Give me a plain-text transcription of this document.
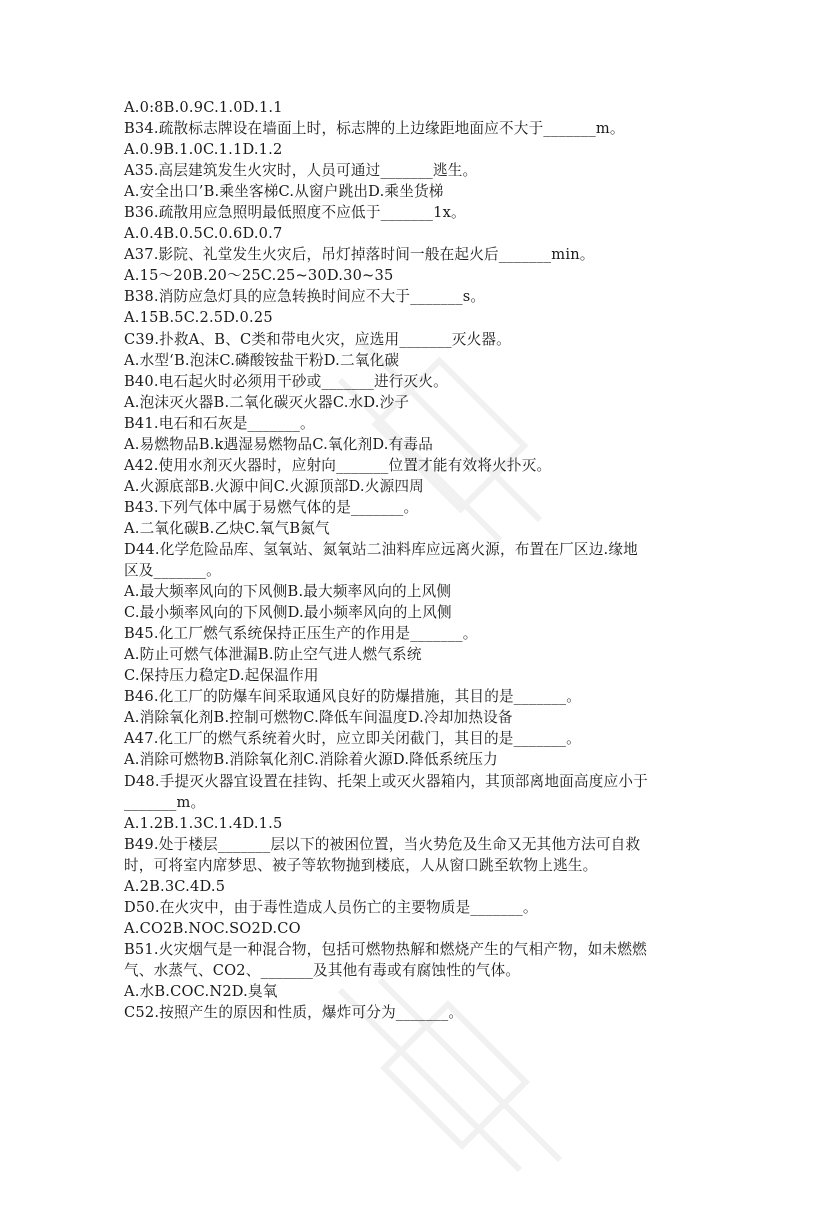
A.0:8B.0.9C.1.0D.1.1
B34.疏散标志牌设在墙面上时，标志牌的上边缘距地面应不大于_______m。
A.0.9B.1.0C.1.1D.1.2
A35.高层建筑发生火灾时，人员可通过_______逃生。
A.安全出口’B.乘坐客梯C.从窗户跳出D.乘坐货梯
B36.疏散用应急照明最低照度不应低于_______1x。
A.0.4B.0.5C.0.6D.0.7
A37.影院、礼堂发生火灾后，吊灯掉落时间一般在起火后_______min。
A.15～20B.20～25C.25~30D.30~35
B38.消防应急灯具的应急转换时间应不大于_______s。
A.15B.5C.2.5D.0.25
C39.扑救A、B、C类和带电火灾，应选用_______灭火器。
A.水型‘B.泡沫C.磷酸铵盐干粉D.二氧化碳
B40.电石起火时必须用干砂或_______进行灭火。
A.泡沫灭火器B.二氧化碳灭火器C.水D.沙子
B41.电石和石灰是_______。
A.易燃物品B.k遇湿易燃物品C.氧化剂D.有毒品
A42.使用水剂灭火器时，应射向_______位置才能有效将火扑灭。
A.火源底部B.火源中间C.火源顶部D.火源四周
B43.下列气体中属于易燃气体的是_______。
A.二氧化碳B.乙炔C.氧气B氮气
D44.化学危险品库、氢氧站、氮氧站二油料库应远离火源，布置在厂区边.缘地
区及_______。
A.最大频率风向的下风侧B.最大频率风向的上风侧
C.最小频率风向的下风侧D.最小频率风向的上风侧
B45.化工厂燃气系统保持正压生产的作用是_______。
A.防止可燃气体泄漏B.防止空气进人燃气系统
C.保持压力稳定D.起保温作用
B46.化工厂的防爆车间采取通风良好的防爆措施，其目的是_______。
A.消除氧化剂B.控制可燃物C.降低车间温度D.冷却加热设备
A47.化工厂的燃气系统着火时，应立即关闭截门，其目的是_______。
A.消除可燃物B.消除氧化剂C.消除着火源D.降低系统压力
D48.手提灭火器宜设置在挂钩、托架上或灭火器箱内，其顶部离地面高度应小于
_______m。
A.1.2B.1.3C.1.4D.1.5
B49.处于楼层_______层以下的被困位置，当火势危及生命又无其他方法可自救
时，可将室内席梦思、被子等软物抛到楼底，人从窗口跳至软物上逃生。
A.2B.3C.4D.5
D50.在火灾中，由于毒性造成人员伤亡的主要物质是_______。
A.CO2B.NOC.SO2D.CO
B51.火灾烟气是一种混合物，包括可燃物热解和燃烧产生的气相产物，如未燃燃
气、水蒸气、CO2、_______及其他有毒或有腐蚀性的气体。
A.水B.COC.N2D.臭氧
C52.按照产生的原因和性质，爆炸可分为_______。
